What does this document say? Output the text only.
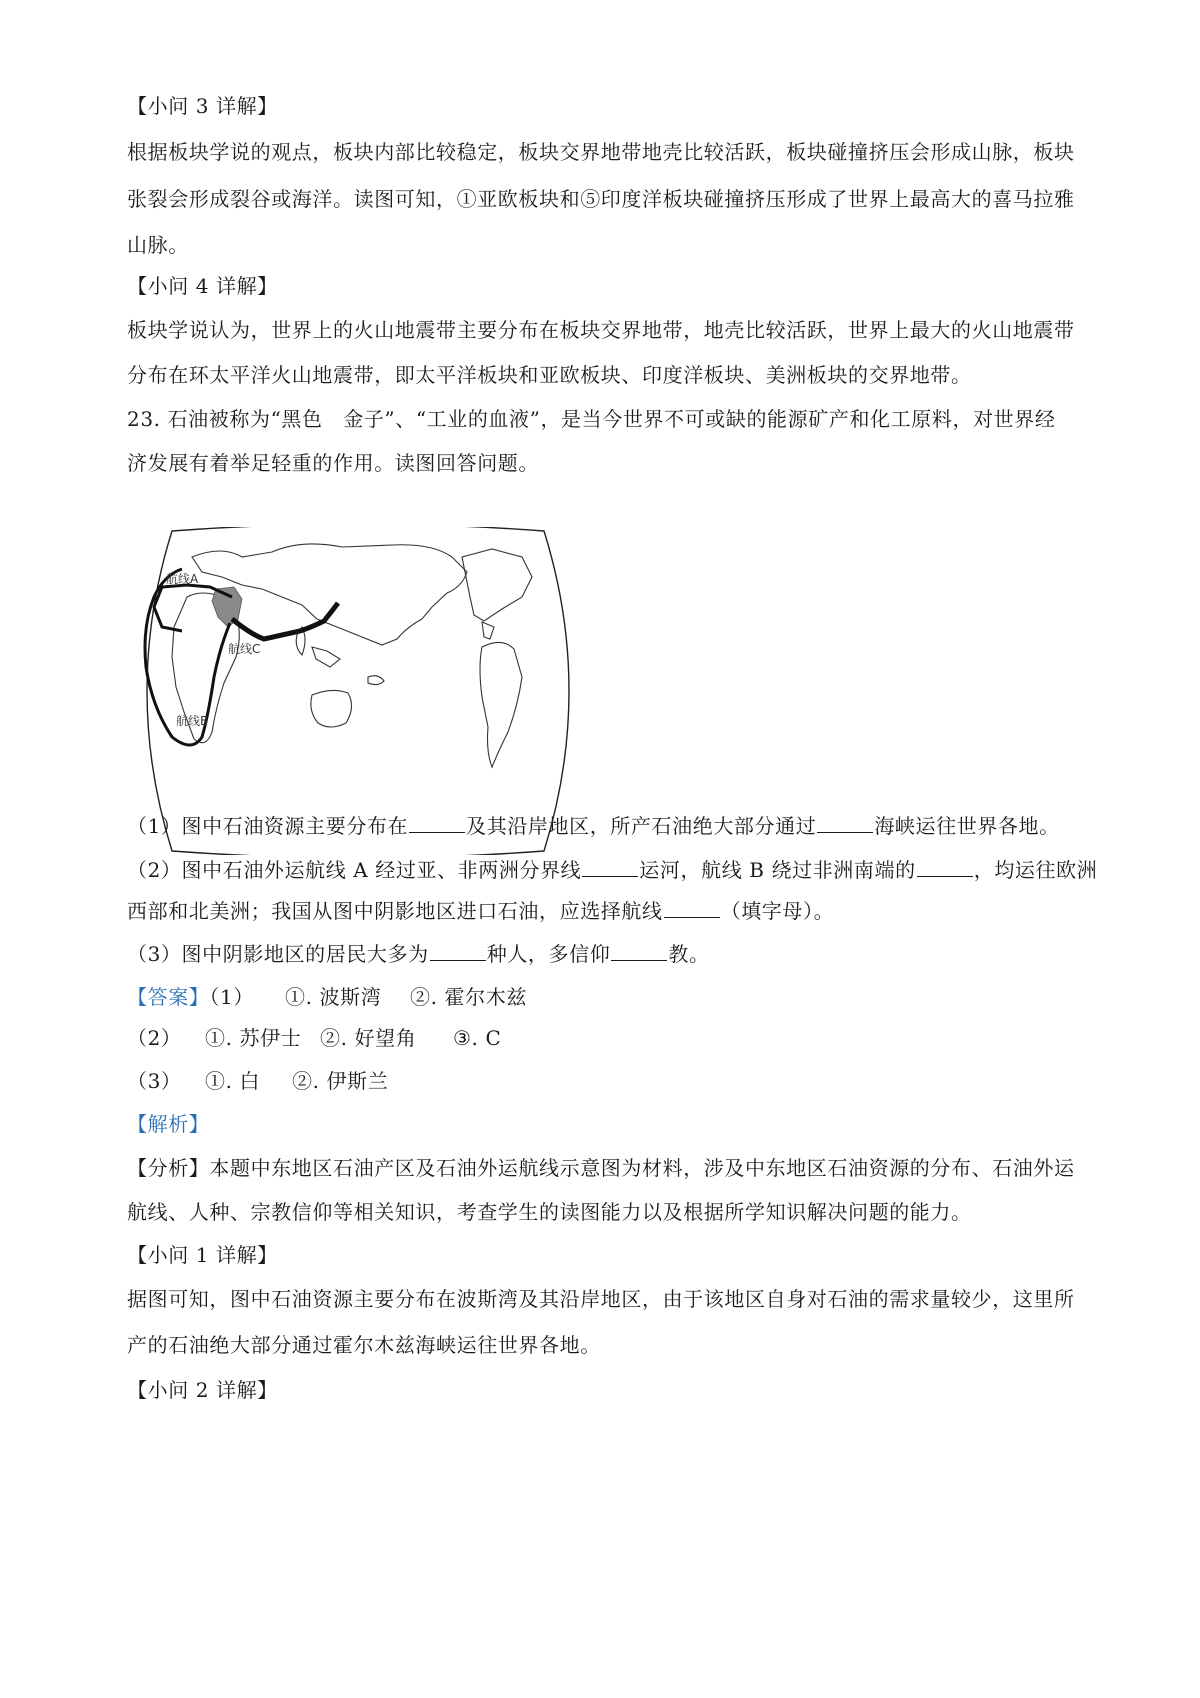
【小问 3 详解】
根据板块学说的观点，板块内部比较稳定，板块交界地带地壳比较活跃，板块碰撞挤压会形成山脉，板块
张裂会形成裂谷或海洋。读图可知，①亚欧板块和⑤印度洋板块碰撞挤压形成了世界上最高大的喜马拉雅
山脉。
【小问 4 详解】
板块学说认为，世界上的火山地震带主要分布在板块交界地带，地壳比较活跃，世界上最大的火山地震带
分布在环太平洋火山地震带，即太平洋板块和亚欧板块、印度洋板块、美洲板块的交界地带。
23. 石油被称为“黑色　金子”、“工业的血液”，是当今世界不可或缺的能源矿产和化工原料，对世界经
济发展有着举足轻重的作用。读图回答问题。
航线A
航线B
航线C
（1）图中石油资源主要分布在	及其沿岸地区，所产石油绝大部分通过	海峡运往世界各地。
（2）图中石油外运航线 A 经过亚、非两洲分界线	运河，航线 B 绕过非洲南端的	，均运往欧洲
西部和北美洲；我国从图中阴影地区进口石油，应选择航线	（填字母）。
（3）图中阴影地区的居民大多为	种人，多信仰	教。
【答案】（1） ①. 波斯湾 ②. 霍尔木兹
（2） ①. 苏伊士 ②. 好望角 ③. C
（3） ①. 白 ②. 伊斯兰
【解析】
【分析】本题中东地区石油产区及石油外运航线示意图为材料，涉及中东地区石油资源的分布、石油外运
航线、人种、宗教信仰等相关知识，考查学生的读图能力以及根据所学知识解决问题的能力。
【小问 1 详解】
据图可知，图中石油资源主要分布在波斯湾及其沿岸地区，由于该地区自身对石油的需求量较少，这里所
产的石油绝大部分通过霍尔木兹海峡运往世界各地。
【小问 2 详解】
